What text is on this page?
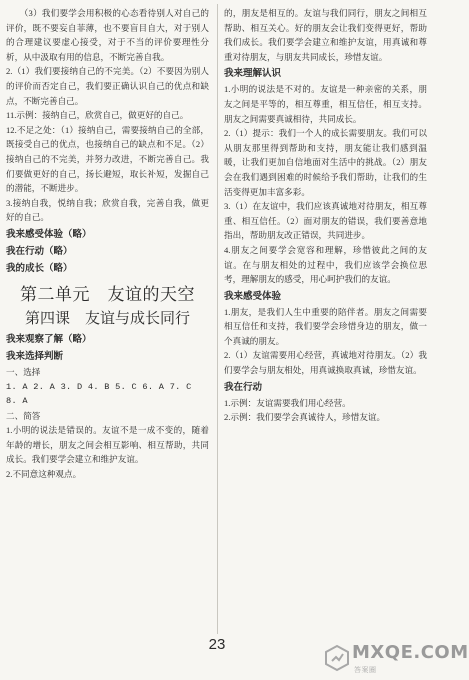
（3）我们要学会用积极的心态看待别人对自己的评价，既不要妄自菲薄，也不要盲目自大，对于别人的合理建议要虚心接受，对于不当的评价要理性分析，从中汲取有用的信息，不断完善自我。

2.（1）我们要接纳自己的不完美。（2）不要因为别人的评价而否定自己，我们要正确认识自己的优点和缺点，不断完善自己。

11.示例：接纳自己，欣赏自己，做更好的自己。

12.不足之处：（1）接纳自己，需要接纳自己的全部，既接受自己的优点，也接纳自己的缺点和不足。（2）接纳自己的不完美，并努力改进，不断完善自己。我们要做更好的自己，扬长避短，取长补短，发掘自己的潜能，不断进步。

3.接纳自我，悦纳自我；欣赏自我，完善自我，做更好的自己。

我来感受体验（略）
我在行动（略）
我的成长（略）
第二单元　友谊的天空
第四课　友谊与成长同行
我来观察了解（略）
我来选择判断

一、选择

1. A 2. A 3. D 4. B 5. C 6. A 7. C
8. A

二、简答

1.小明的说法是错误的。友谊不是一成不变的，随着年龄的增长，朋友之间会相互影响、相互帮助，共同成长。我们要学会建立和维护友谊。

2.不同意这种观点。

的，朋友是相互的。友谊与我们同行，朋友之间相互帮助、相互关心。好的朋友会让我们变得更好，帮助我们成长。我们要学会建立和维护友谊，用真诚和尊重对待朋友，与朋友共同成长，珍惜友谊。

我来理解认识

1.小明的说法是不对的。友谊是一种亲密的关系，朋友之间是平等的，相互尊重，相互信任，相互支持。朋友之间需要真诚相待，共同成长。

2.（1）提示：我们一个人的成长需要朋友。我们可以从朋友那里得到帮助和支持，朋友能让我们感到温暖，让我们更加自信地面对生活中的挑战。（2）朋友会在我们遇到困难的时候给予我们帮助，让我们的生活变得更加丰富多彩。

3.（1）在友谊中，我们应该真诚地对待朋友，相互尊重、相互信任。（2）面对朋友的错误，我们要善意地指出，帮助朋友改正错误，共同进步。

4.朋友之间要学会宽容和理解，珍惜彼此之间的友谊。在与朋友相处的过程中，我们应该学会换位思考，理解朋友的感受，用心呵护我们的友谊。

我来感受体验

1.朋友，是我们人生中重要的陪伴者。朋友之间需要相互信任和支持，我们要学会珍惜身边的朋友，做一个真诚的朋友。

2.（1）友谊需要用心经营，真诚地对待朋友。（2）我们要学会与朋友相处，用真诚换取真诚，珍惜友谊。

我在行动

1.示例：友谊需要我们用心经营。

2.示例：我们要学会真诚待人，珍惜友谊。

23	MXQE.COM
答案圈
